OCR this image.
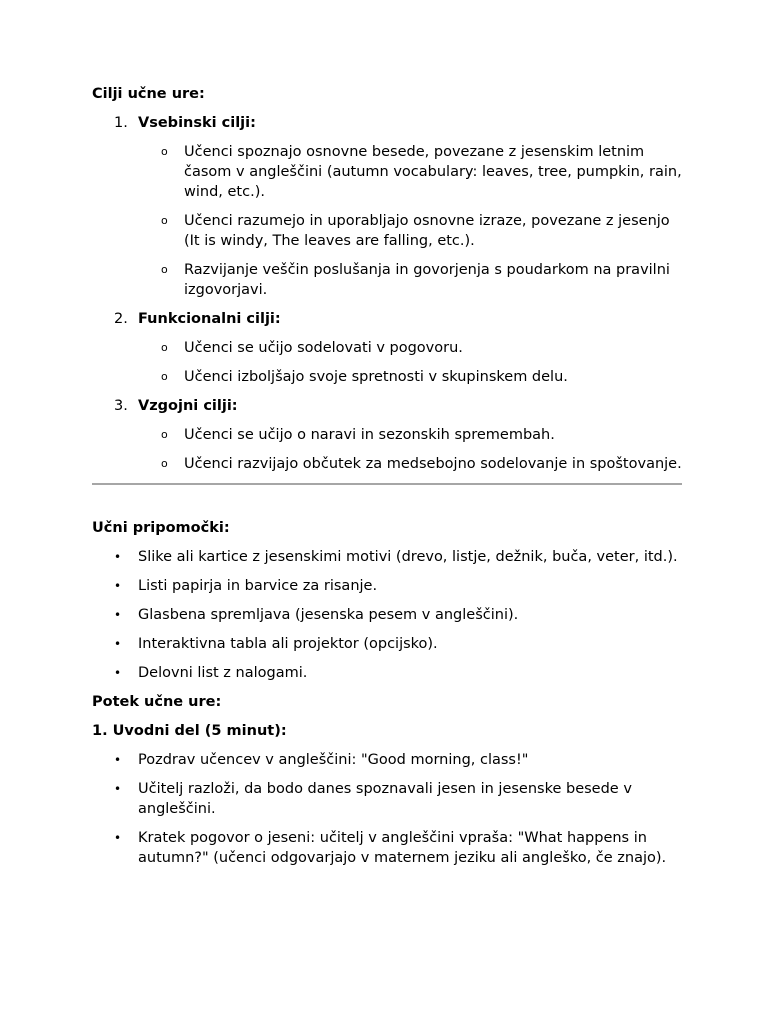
Cilji učne ure:
1. Vsebinski cilji:
o Učenci spoznajo osnovne besede, povezane z jesenskim letnim časom v angleščini (autumn vocabulary: leaves, tree, pumpkin, rain, wind, etc.).
o Učenci razumejo in uporabljajo osnovne izraze, povezane z jesenjo (It is windy, The leaves are falling, etc.).
o Razvijanje veščin poslušanja in govorjenja s poudarkom na pravilni izgovorjavi.
2. Funkcionalni cilji:
o Učenci se učijo sodelovati v pogovoru.
o Učenci izboljšajo svoje spretnosti v skupinskem delu.
3. Vzgojni cilji:
o Učenci se učijo o naravi in sezonskih spremembah.
o Učenci razvijajo občutek za medsebojno sodelovanje in spoštovanje.
Učni pripomočki:
• Slike ali kartice z jesenskimi motivi (drevo, listje, dežnik, buča, veter, itd.).
• Listi papirja in barvice za risanje.
• Glasbena spremljava (jesenska pesem v angleščini).
• Interaktivna tabla ali projektor (opcijsko).
• Delovni list z nalogami.
Potek učne ure:
1. Uvodni del (5 minut):
• Pozdrav učencev v angleščini: "Good morning, class!"
• Učitelj razloži, da bodo danes spoznavali jesen in jesenske besede v angleščini.
• Kratek pogovor o jeseni: učitelj v angleščini vpraša: "What happens in autumn?" (učenci odgovarjajo v maternem jeziku ali angleško, če znajo).
